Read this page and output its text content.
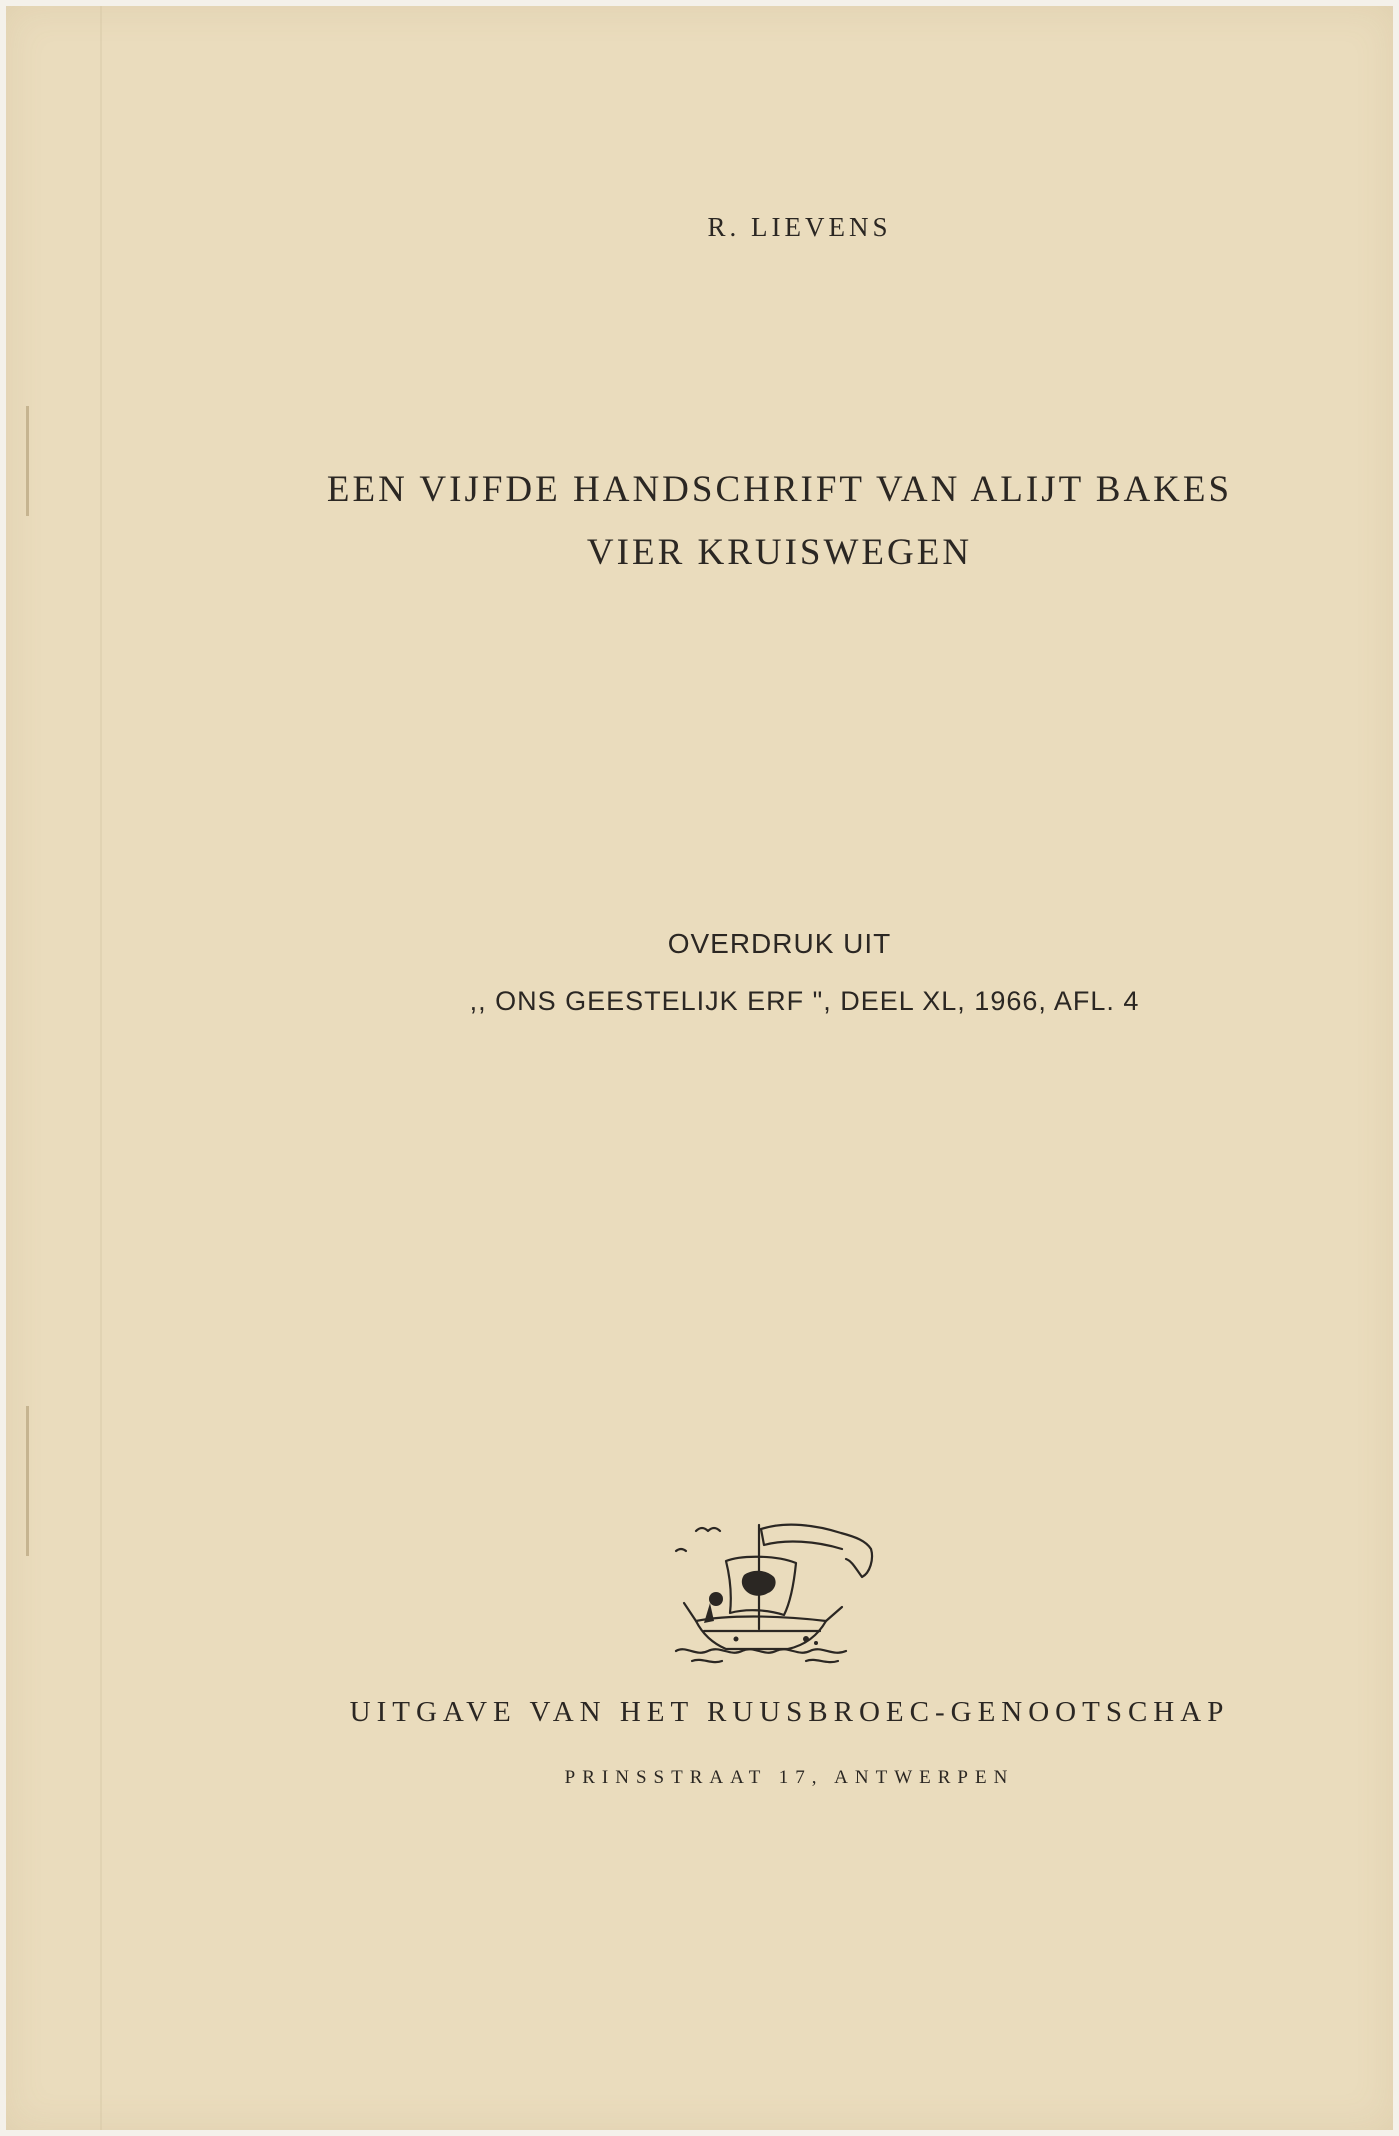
R. LIEVENS
EEN VIJFDE HANDSCHRIFT VAN ALIJT BAKES
VIER KRUISWEGEN
OVERDRUK UIT
,, ONS GEESTELIJK ERF ", DEEL XL, 1966, AFL. 4
UITGAVE VAN HET RUUSBROEC-GENOOTSCHAP
PRINSSTRAAT 17, ANTWERPEN
